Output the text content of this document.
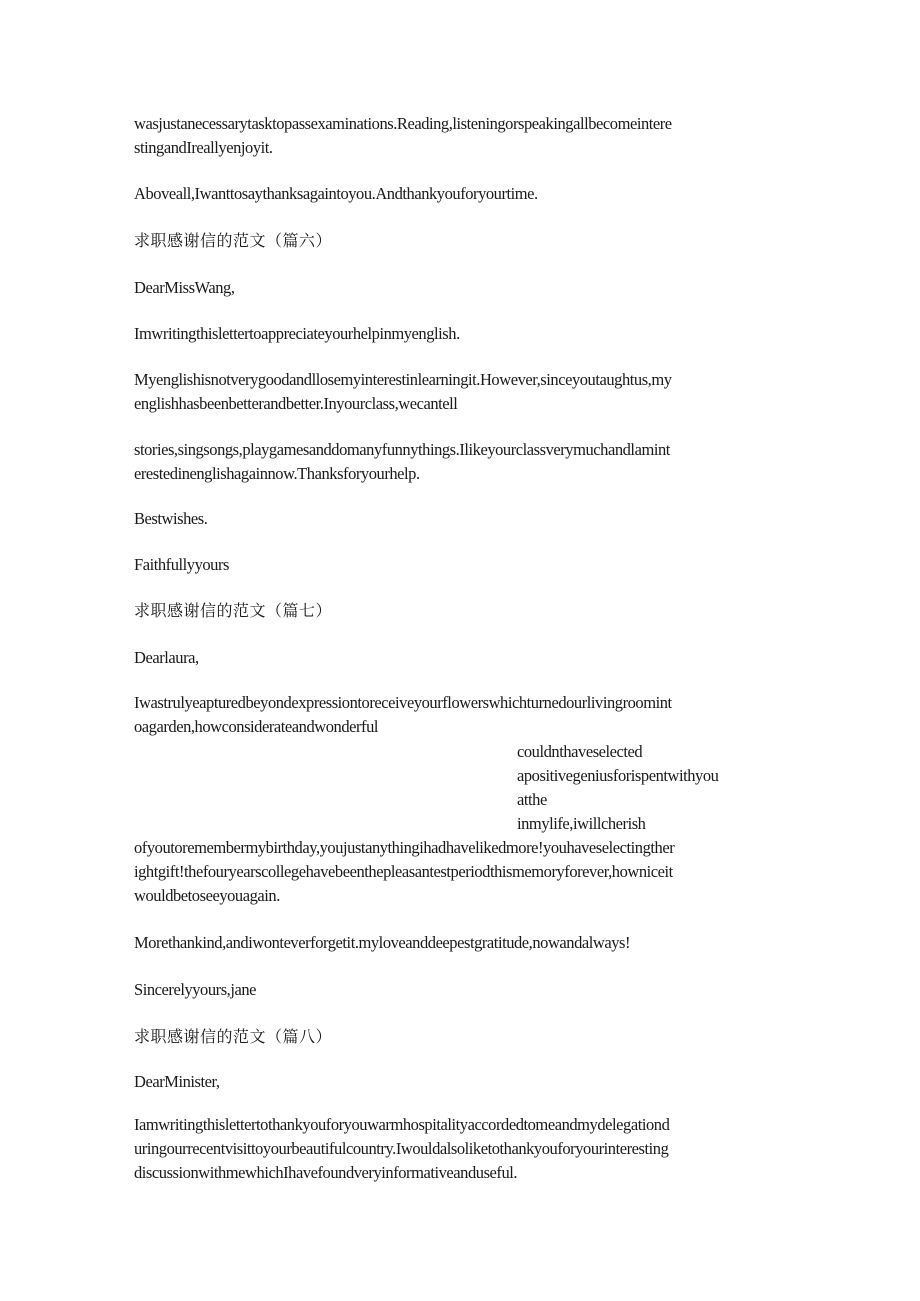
wasjustanecessarytasktopassexaminations.Reading,listeningorspeakingallbecomeintere
stingandIreallyenjoyit.
Aboveall,Iwanttosaythanksagaintoyou.Andthankyouforyourtime.
求职感谢信的范文（篇六）
DearMissWang,
Imwritingthislettertoappreciateyourhelpinmyenglish.
Myenglishisnotverygoodandllosemyinterestinlearningit.However,sinceyoutaughtus,my
englishhasbeenbetterandbetter.Inyourclass,wecantell
stories,singsongs,playgamesanddomanyfunnythings.Ilikeyourclassverymuchandlamint
erestedinenglishagainnow.Thanksforyourhelp.
Bestwishes.
Faithfullyyours
求职感谢信的范文（篇七）
Dearlaura,
Iwastrulyeapturedbeyondexpressiontoreceiveyourflowerswhichturnedourlivingroomint
oagarden,howconsiderateandwonderful
couldnthaveselected
apositivegeniusforispentwithyou
atthe
inmylife,iwillcherish
ofyoutoremembermybirthday,youjustanythingihadhavelikedmore!youhaveselectingther
ightgift!thefouryearscollegehavebeenthepleasantestperiodthismemoryforever,howniceit
wouldbetoseeyouagain.
Morethankind,andiwonteverforgetit.myloveanddeepestgratitude,nowandalways!
Sincerelyyours,jane
求职感谢信的范文（篇八）
DearMinister,
Iamwritingthislettertothankyouforyouwarmhospitalityaccordedtomeandmydelegationd
uringourrecentvisittoyourbeautifulcountry.Iwouldalsoliketothankyouforyourinteresting
discussionwithmewhichIhavefoundveryinformativeanduseful.
